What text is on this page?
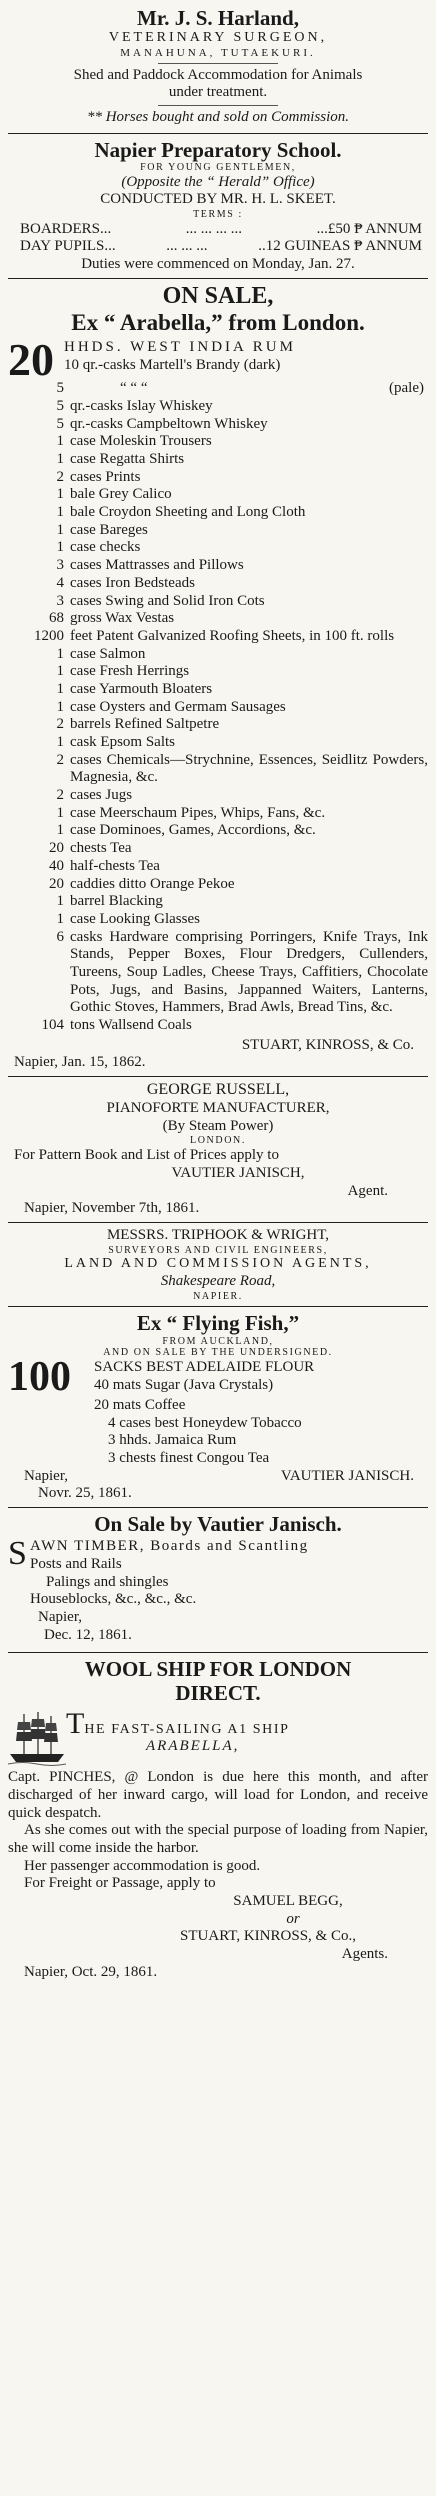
Mr. J. S. Harland,
VETERINARY SURGEON,
MANAHUNA, TUTAEKURI.
Shed and Paddock Accommodation for Animals
under treatment.
** Horses bought and sold on Commission.
Napier Preparatory School.
FOR YOUNG GENTLEMEN,
(Opposite the “ Herald” Office)
CONDUCTED BY MR. H. L. SKEET.
TERMS :
BOARDERS...	... ... ... ...	...£50 ₱ ANNUM
DAY PUPILS...	... ... ...	..12 GUINEAS ₱ ANNUM
Duties were commenced on Monday, Jan. 27.
ON SALE,
Ex “ Arabella,” from London.
20 HHDS. WEST INDIA RUM
10 qr.-casks Martell's Brandy (dark)
5	“ “ “	(pale)
5 qr.-casks Islay Whiskey
5 qr.-casks Campbeltown Whiskey
1 case Moleskin Trousers
1 case Regatta Shirts
2 cases Prints
1 bale Grey Calico
1 bale Croydon Sheeting and Long Cloth
1 case Bareges
1 case checks
3 cases Mattrasses and Pillows
4 cases Iron Bedsteads
3 cases Swing and Solid Iron Cots
68 gross Wax Vestas
1200 feet Patent Galvanized Roofing Sheets, in 100 ft. rolls
1 case Salmon
1 case Fresh Herrings
1 case Yarmouth Bloaters
1 case Oysters and Germam Sausages
2 barrels Refined Saltpetre
1 cask Epsom Salts
2 cases Chemicals—Strychnine, Essences, Seidlitz Powders, Magnesia, &c.
2 cases Jugs
1 case Meerschaum Pipes, Whips, Fans, &c.
1 case Dominoes, Games, Accordions, &c.
20 chests Tea
40 half-chests Tea
20 caddies ditto Orange Pekoe
1 barrel Blacking
1 case Looking Glasses
6 casks Hardware comprising Porringers, Knife Trays, Ink Stands, Pepper Boxes, Flour Dredgers, Cullenders, Tureens, Soup Ladles, Cheese Trays, Caffitiers, Chocolate Pots, Jugs, and Basins, Jappanned Waiters, Lanterns, Gothic Stoves, Hammers, Brad Awls, Bread Tins, &c.
104 tons Wallsend Coals
STUART, KINROSS, & Co.
Napier, Jan. 15, 1862.
GEORGE RUSSELL,
PIANOFORTE MANUFACTURER,
(By Steam Power)
LONDON.
For Pattern Book and List of Prices apply to
VAUTIER JANISCH,
Agent.
Napier, November 7th, 1861.
MESSRS. TRIPHOOK & WRIGHT,
SURVEYORS AND CIVIL ENGINEERS,
LAND AND COMMISSION AGENTS,
Shakespeare Road,
NAPIER.
Ex “ Flying Fish,”
FROM AUCKLAND,
AND ON SALE BY THE UNDERSIGNED.
100	SACKS BEST ADELAIDE FLOUR
40 mats Sugar (Java Crystals)
20 mats Coffee
4 cases best Honeydew Tobacco
3 hhds. Jamaica Rum
3 chests finest Congou Tea
Napier,	VAUTIER JANISCH.
Novr. 25, 1861.
On Sale by Vautier Janisch.
S AWN TIMBER, Boards and Scantling
Posts and Rails
Palings and shingles
Houseblocks, &c., &c., &c.
Napier,
Dec. 12, 1861.
WOOL SHIP FOR LONDON
DIRECT.
THE FAST-SAILING A1 SHIP
ARABELLA,
Capt. PINCHES, @ London is due here this month, and after discharged of her inward cargo, will load for London, and receive quick despatch.
As she comes out with the special purpose of loading from Napier, she will come inside the harbor.
Her passenger accommodation is good.
For Freight or Passage, apply to
SAMUEL BEGG,
or
STUART, KINROSS, & Co.,
Agents.
Napier, Oct. 29, 1861.
